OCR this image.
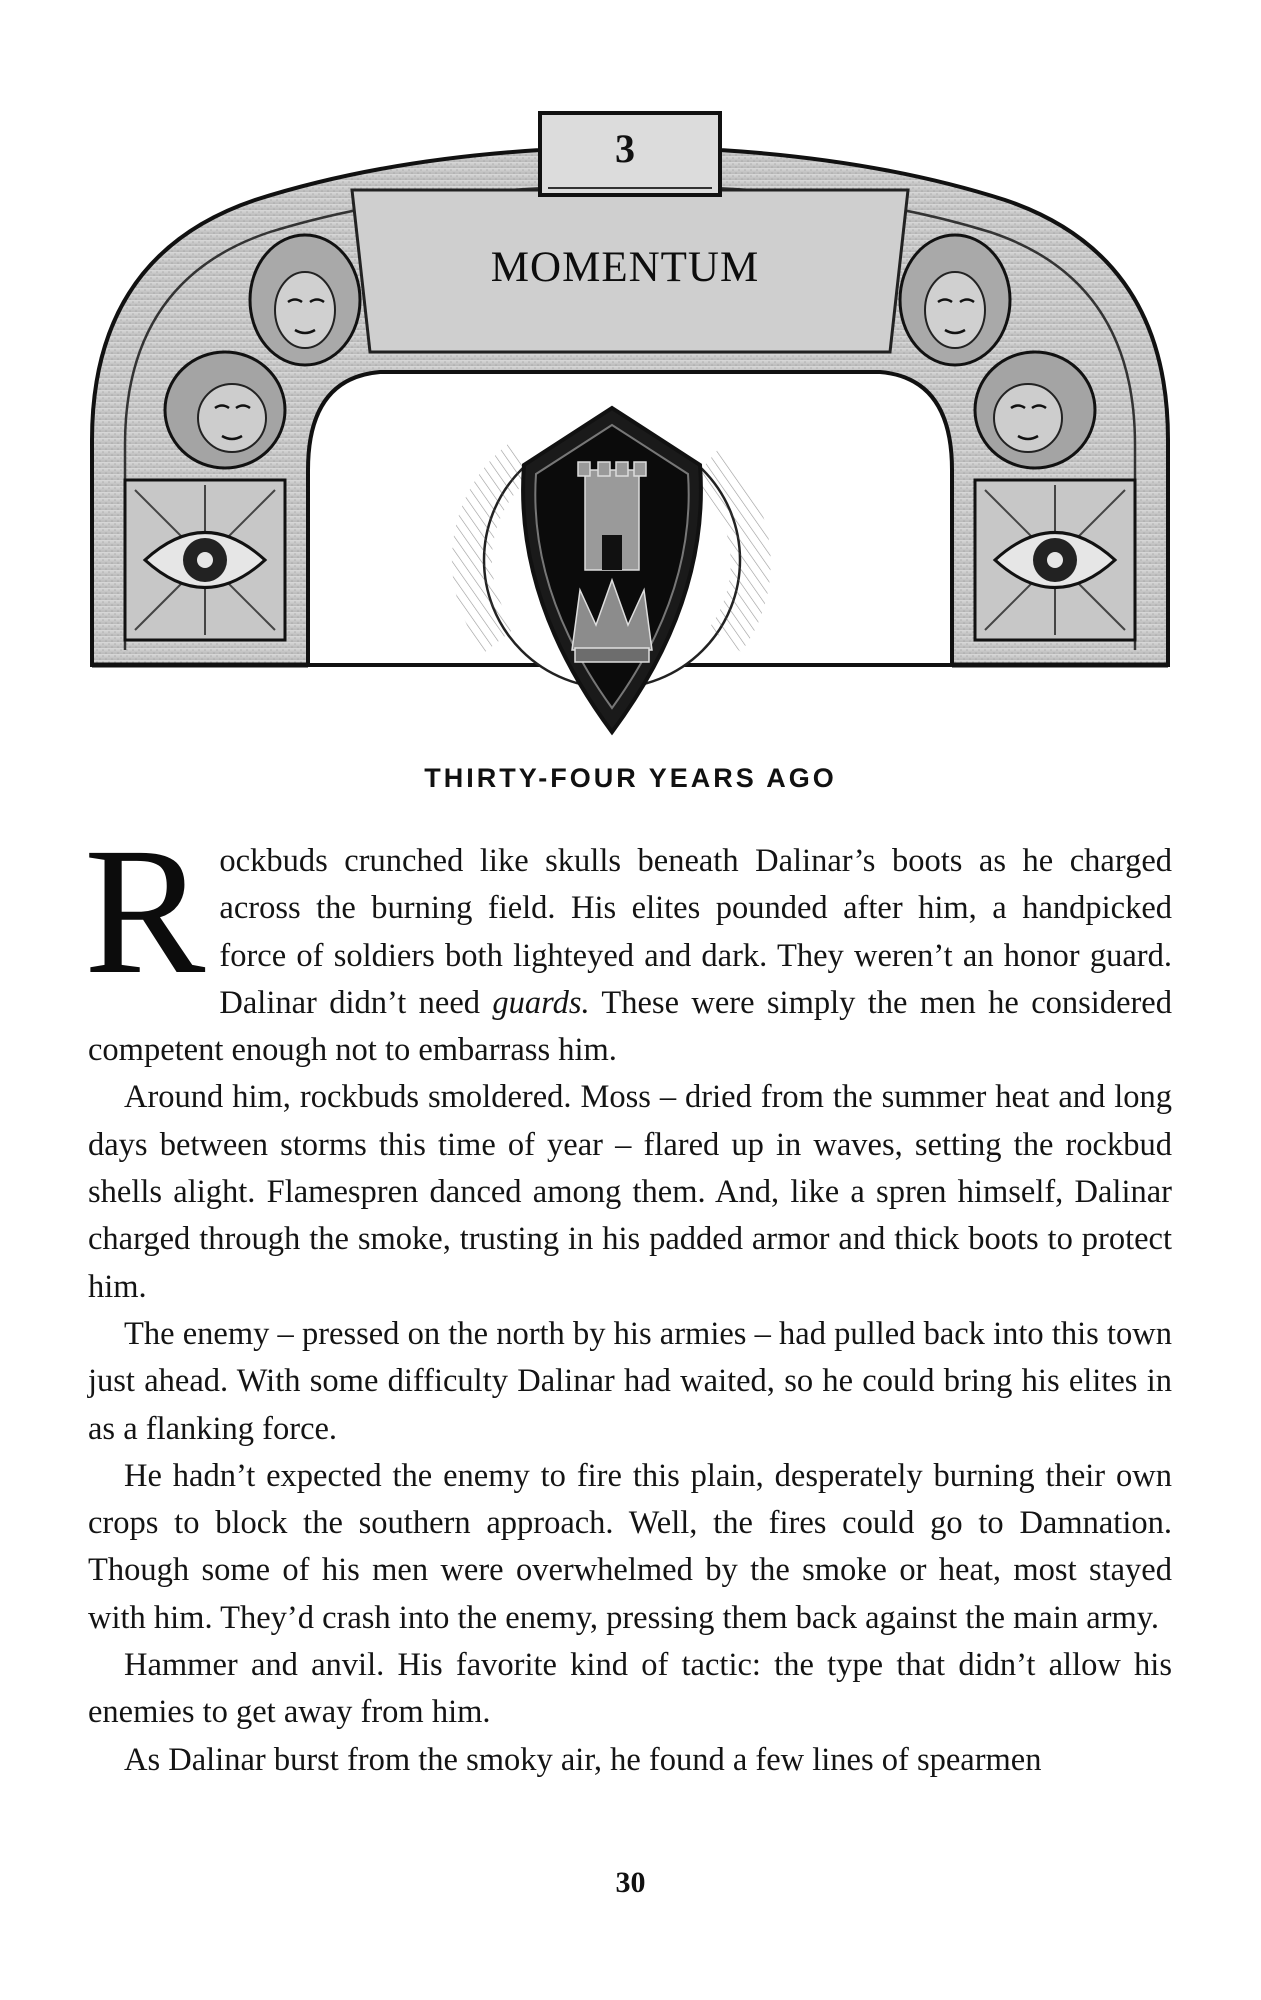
3
MOMENTUM
THIRTY-FOUR YEARS AGO

Rockbuds crunched like skulls beneath Dalinar’s boots as he charged across the burning field. His elites pounded after him, a handpicked force of soldiers both lighteyed and dark. They weren’t an honor guard. Dalinar didn’t need guards. These were simply the men he considered competent enough not to embarrass him.

Around him, rockbuds smoldered. Moss – dried from the summer heat and long days between storms this time of year – flared up in waves, setting the rockbud shells alight. Flamespren danced among them. And, like a spren himself, Dalinar charged through the smoke, trusting in his padded armor and thick boots to protect him.

The enemy – pressed on the north by his armies – had pulled back into this town just ahead. With some difficulty Dalinar had waited, so he could bring his elites in as a flanking force.

He hadn’t expected the enemy to fire this plain, desperately burning their own crops to block the southern approach. Well, the fires could go to Damnation. Though some of his men were overwhelmed by the smoke or heat, most stayed with him. They’d crash into the enemy, pressing them back against the main army.

Hammer and anvil. His favorite kind of tactic: the type that didn’t allow his enemies to get away from him.

As Dalinar burst from the smoky air, he found a few lines of spearmen

30
